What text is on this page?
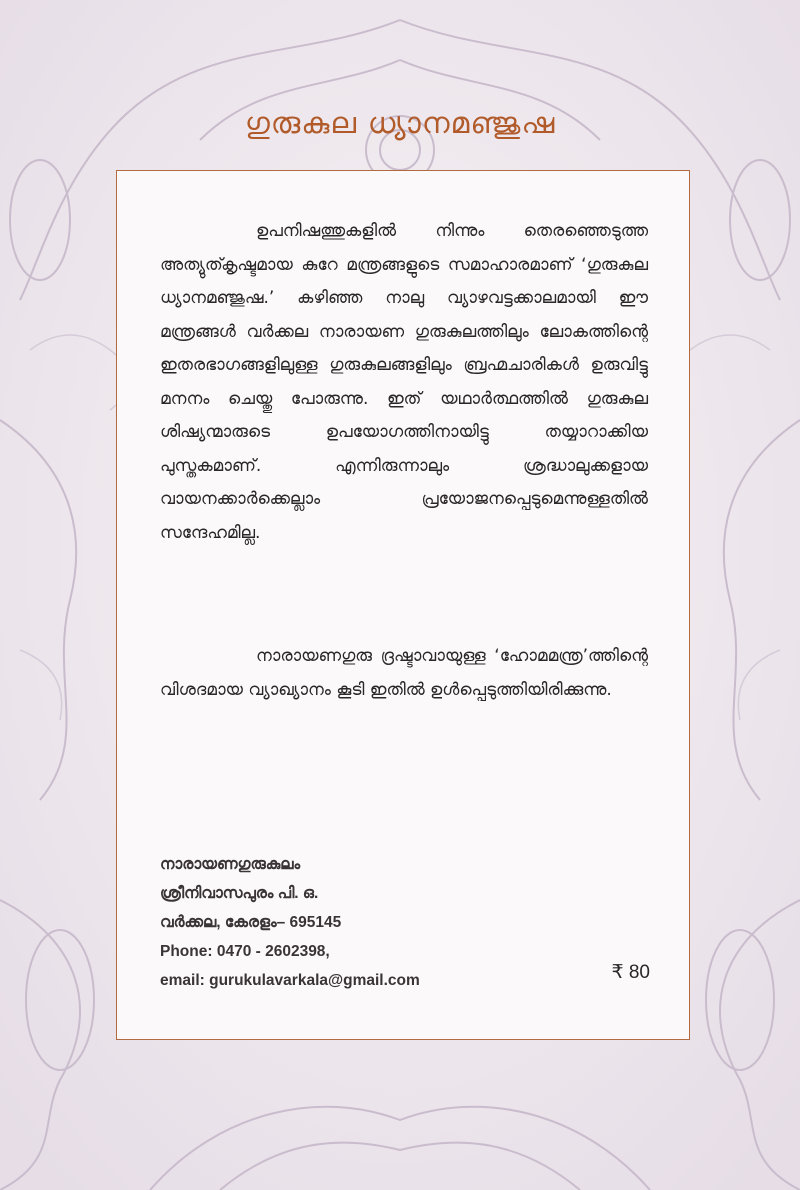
ഗുരുകുല ധ്യാനമഞ്ജുഷ

ഉപനിഷത്തുകളിൽ നിന്നും തെരഞ്ഞെടുത്ത അത്യുത്കൃഷ്ടമായ കുറേ മന്ത്രങ്ങളുടെ സമാഹാരമാണ് ‘ഗുരുകുല ധ്യാനമഞ്ജുഷ.’ കഴിഞ്ഞ നാലു വ്യാഴവട്ടക്കാലമായി ഈ മന്ത്രങ്ങൾ വർക്കല നാരായണ ഗുരുകുലത്തിലും ലോകത്തിന്റെ ഇതരഭാഗങ്ങളിലുള്ള ഗുരുകുലങ്ങളിലും ബ്രഹ്മചാരികൾ ഉരുവിട്ടു മനനം ചെയ്തു പോരുന്നു. ഇത് യഥാർത്ഥത്തിൽ ഗുരുകുല ശിഷ്യന്മാരുടെ ഉപയോഗത്തിനായിട്ടു തയ്യാറാക്കിയ പുസ്തകമാണ്. എന്നിരുന്നാലും ശ്രദ്ധാലുക്കളായ വായനക്കാർക്കെല്ലാം പ്രയോജനപ്പെടുമെന്നുള്ളതിൽ സന്ദേഹമില്ല.

നാരായണഗുരു ദ്രഷ്ടാവായുള്ള ‘ഹോമമന്ത്ര’ത്തിന്റെ വിശദമായ വ്യാഖ്യാനം കൂടി ഇതിൽ ഉൾപ്പെടുത്തിയിരിക്കുന്നു.

നാരായണഗുരുകുലം
ശ്രീനിവാസപുരം പി. ഒ.
വർക്കല, കേരളം– 695145
Phone: 0470 - 2602398,
email: gurukulavarkala@gmail.com	₹ 80
